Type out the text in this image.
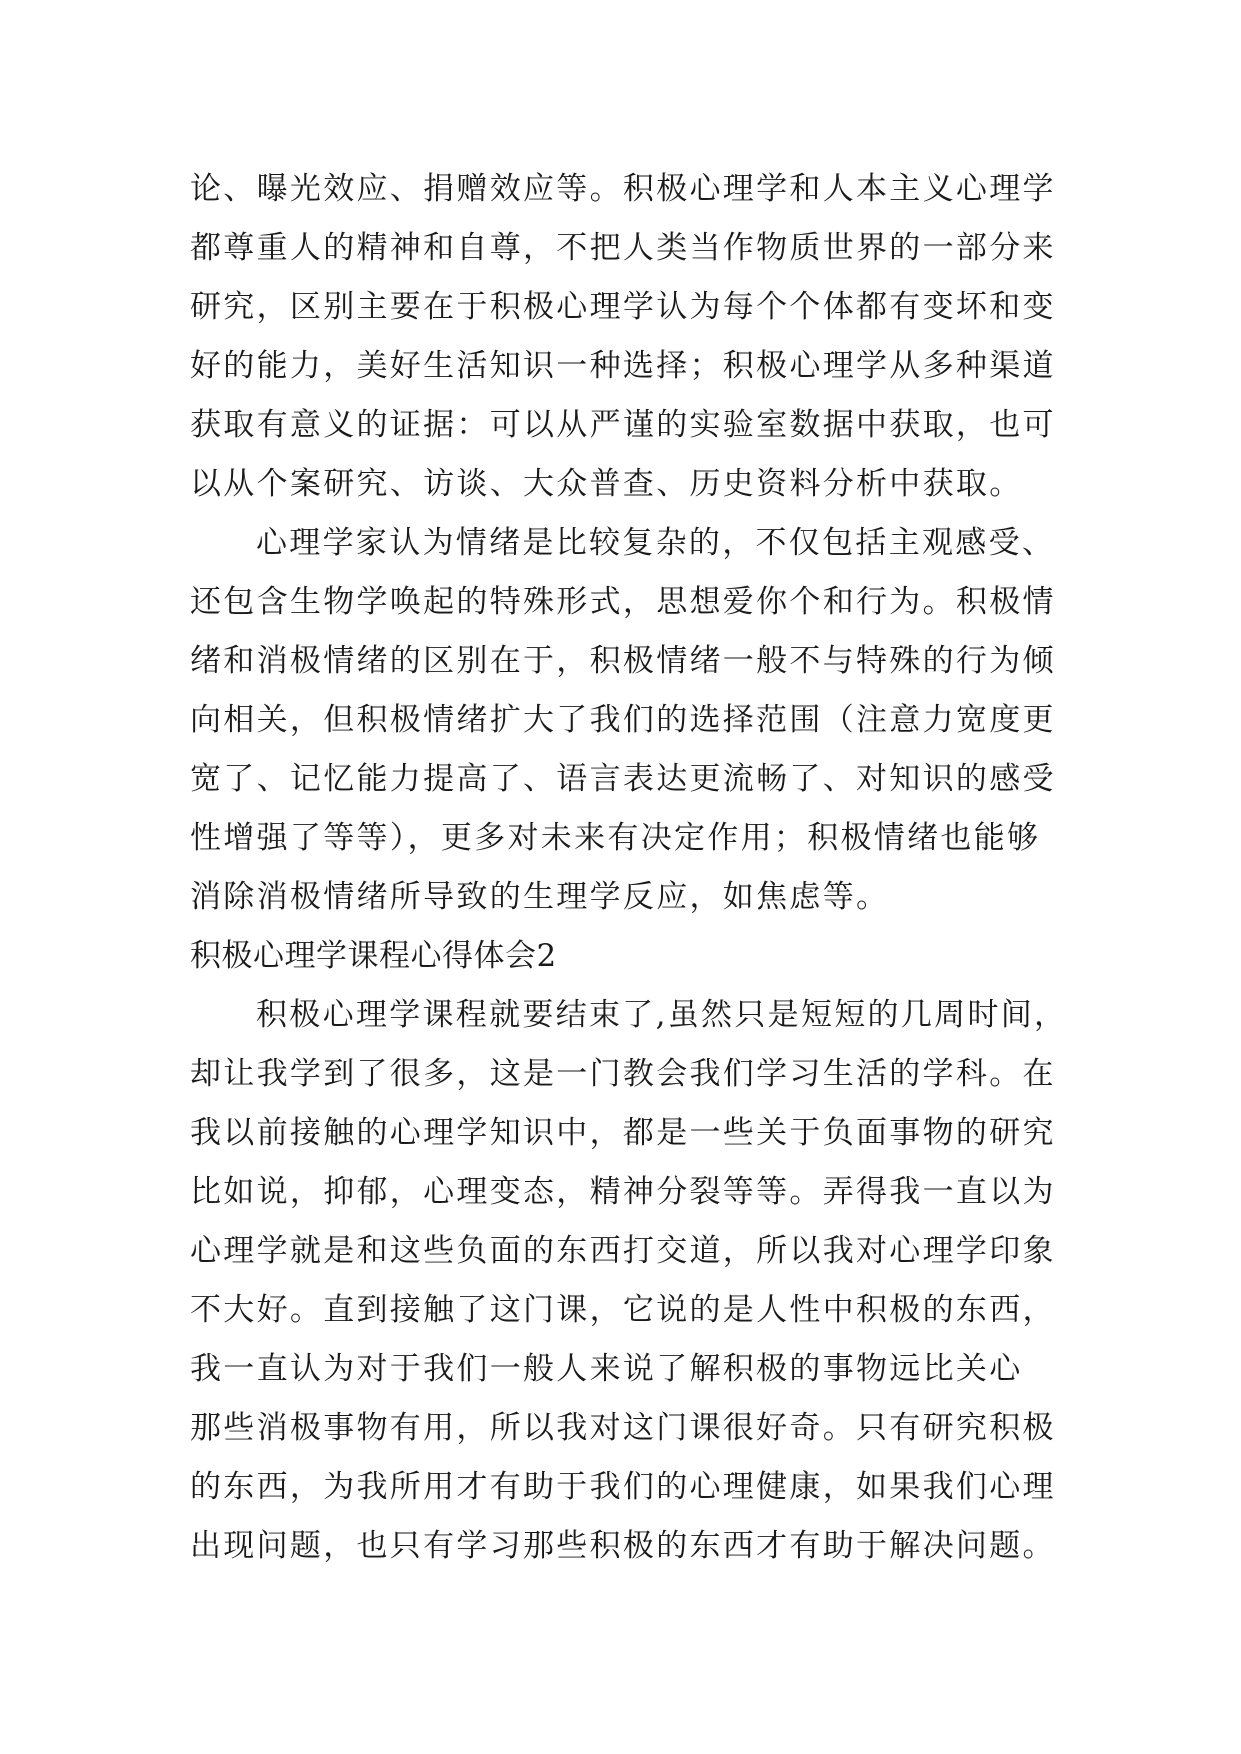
论、曝光效应、捐赠效应等。积极心理学和人本主义心理学
都尊重人的精神和自尊，不把人类当作物质世界的一部分来
研究，区别主要在于积极心理学认为每个个体都有变坏和变
好的能力，美好生活知识一种选择；积极心理学从多种渠道
获取有意义的证据：可以从严谨的实验室数据中获取，也可
以从个案研究、访谈、大众普查、历史资料分析中获取。
心理学家认为情绪是比较复杂的，不仅包括主观感受、
还包含生物学唤起的特殊形式，思想爱你个和行为。积极情
绪和消极情绪的区别在于，积极情绪一般不与特殊的行为倾
向相关，但积极情绪扩大了我们的选择范围（注意力宽度更
宽了、记忆能力提高了、语言表达更流畅了、对知识的感受
性增强了等等），更多对未来有决定作用；积极情绪也能够
消除消极情绪所导致的生理学反应，如焦虑等。
积极心理学课程心得体会2
积极心理学课程就要结束了,虽然只是短短的几周时间，
却让我学到了很多，这是一门教会我们学习生活的学科。在
我以前接触的心理学知识中，都是一些关于负面事物的研究
比如说，抑郁，心理变态，精神分裂等等。弄得我一直以为
心理学就是和这些负面的东西打交道，所以我对心理学印象
不大好。直到接触了这门课，它说的是人性中积极的东西，
我一直认为对于我们一般人来说了解积极的事物远比关心
那些消极事物有用，所以我对这门课很好奇。只有研究积极
的东西，为我所用才有助于我们的心理健康，如果我们心理
出现问题，也只有学习那些积极的东西才有助于解决问题。
